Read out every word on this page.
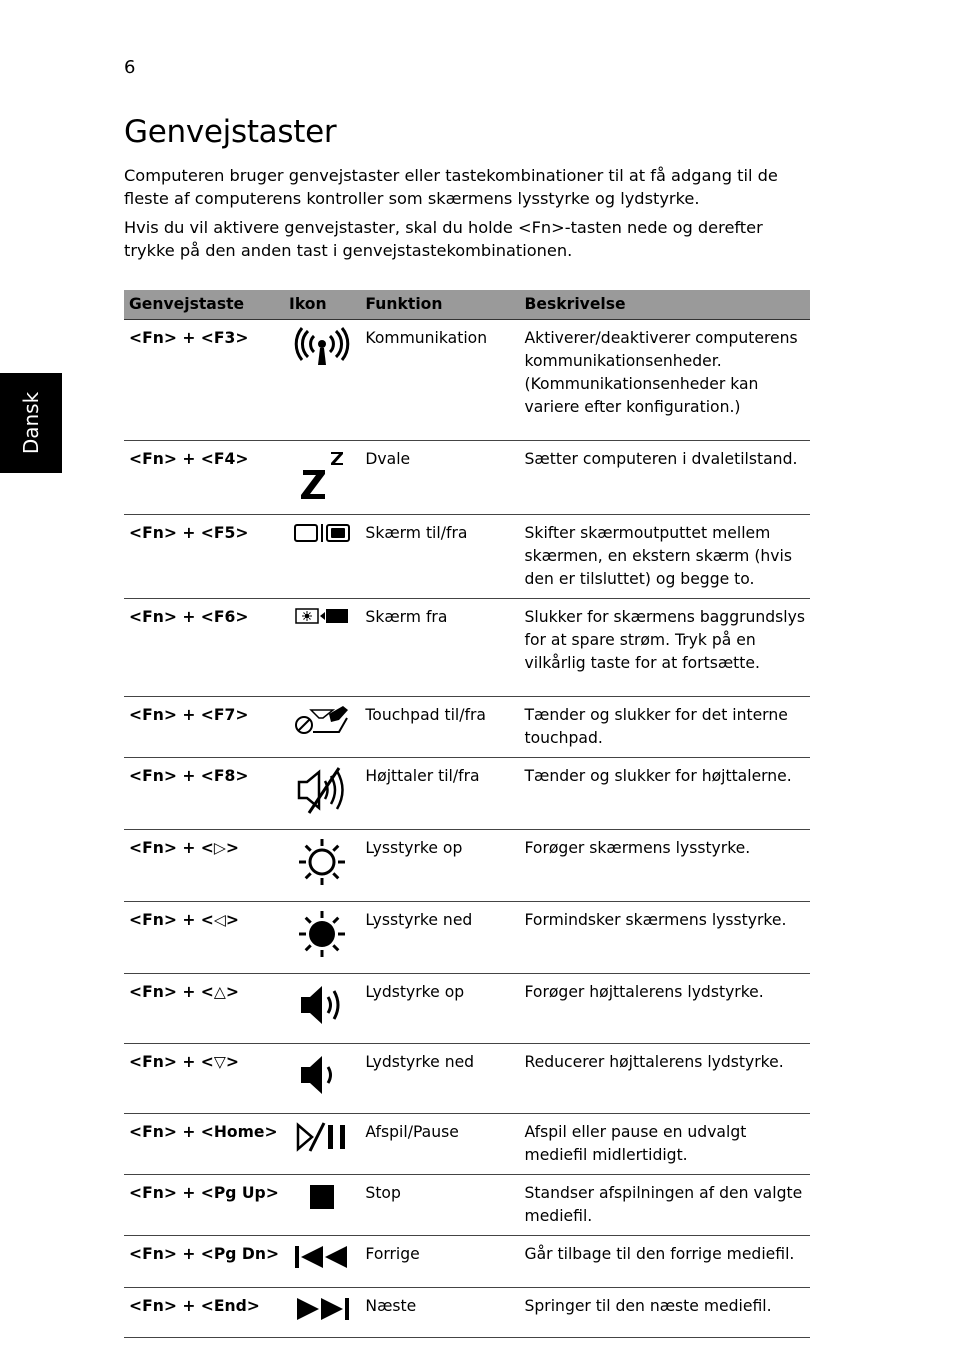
6
Dansk
Genvejstaster

Computeren bruger genvejstaster eller tastekombinationer til at få adgang til de fleste af computerens kontroller som skærmens lysstyrke og lydstyrke.

Hvis du vil aktivere genvejstaster, skal du holde <Fn>-tasten nede og derefter trykke på den anden tast i genvejstastekombinationen.

Genvejstaste	Ikon	Funktion	Beskrivelse
<Fn> + <F3>		Kommunikation	Aktiverer/deaktiverer computerens kommunikationsenheder. (Kommunikationsenheder kan variere efter konfiguration.)
<Fn> + <F4>		Dvale	Sætter computeren i dvaletilstand.
<Fn> + <F5>		Skærm til/fra	Skifter skærmoutputtet mellem skærmen, en ekstern skærm (hvis den er tilsluttet) og begge to.
<Fn> + <F6>		Skærm fra	Slukker for skærmens baggrundslys for at spare strøm. Tryk på en vilkårlig taste for at fortsætte.
<Fn> + <F7>		Touchpad til/fra	Tænder og slukker for det interne touchpad.
<Fn> + <F8>		Højttaler til/fra	Tænder og slukker for højttalerne.
<Fn> + <▷>		Lysstyrke op	Forøger skærmens lysstyrke.
<Fn> + <◁>		Lysstyrke ned	Formindsker skærmens lysstyrke.
<Fn> + <△>		Lydstyrke op	Forøger højttalerens lydstyrke.
<Fn> + <▽>		Lydstyrke ned	Reducerer højttalerens lydstyrke.
<Fn> + <Home>		Afspil/Pause	Afspil eller pause en udvalgt mediefil midlertidigt.
<Fn> + <Pg Up>		Stop	Standser afspilningen af den valgte mediefil.
<Fn> + <Pg Dn>		Forrige	Går tilbage til den forrige mediefil.
<Fn> + <End>		Næste	Springer til den næste mediefil.
